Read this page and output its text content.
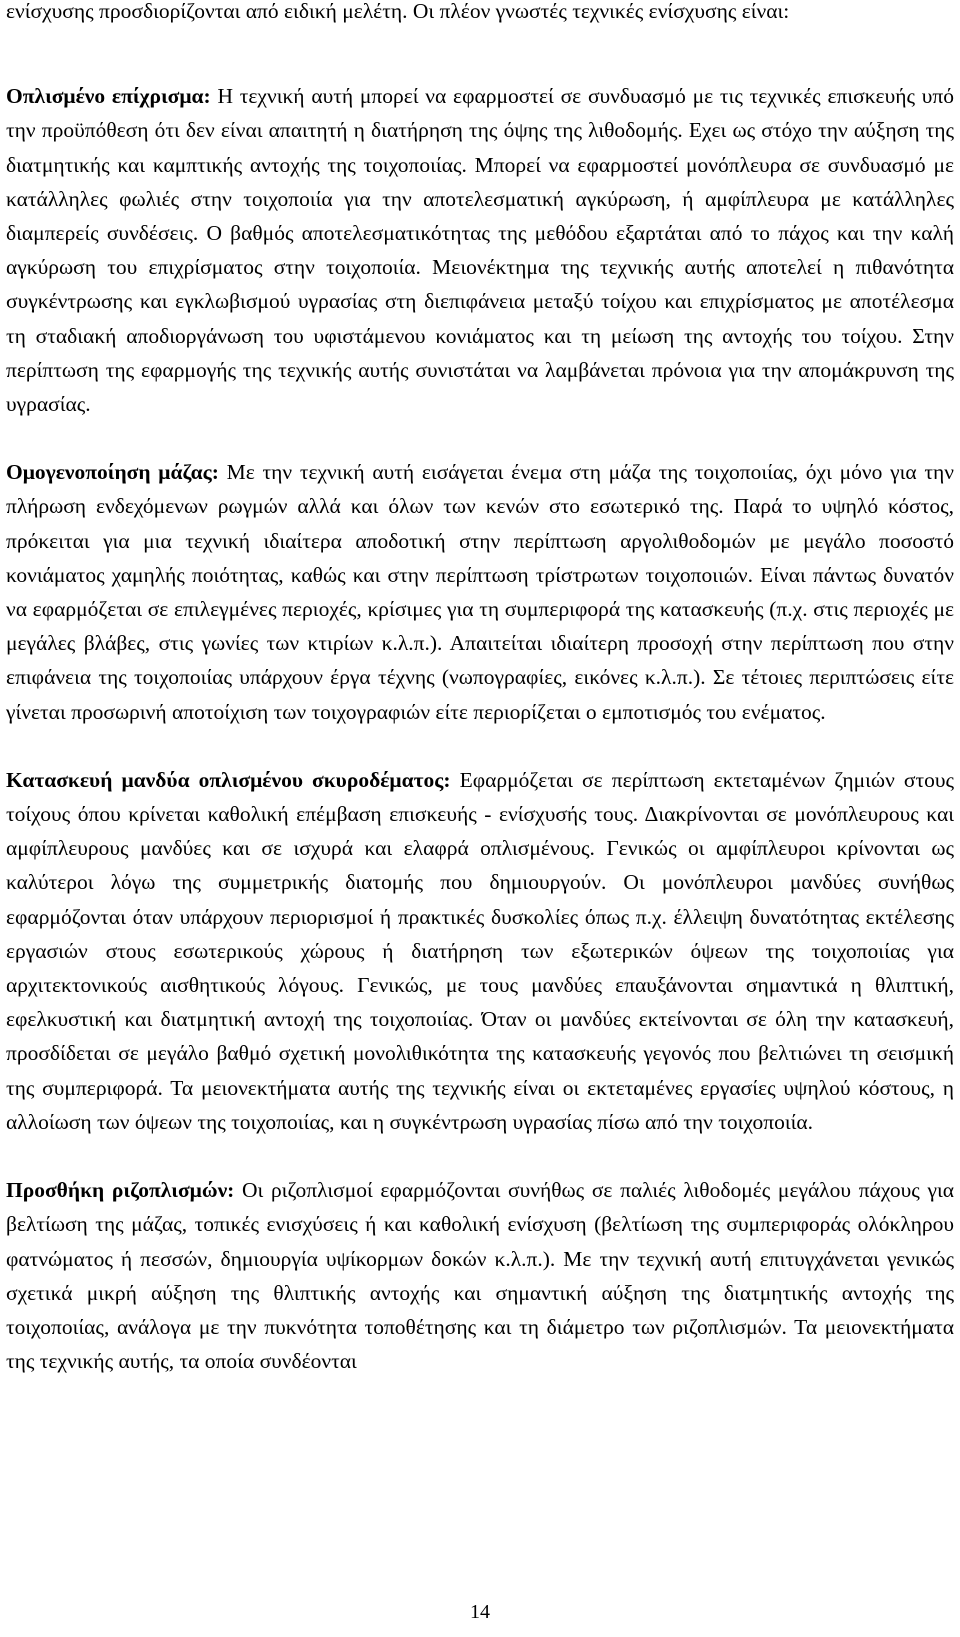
ενίσχυσης προσδιορίζονται από ειδική μελέτη. Οι πλέον γνωστές τεχνικές ενίσχυσης είναι:

Οπλισμένο επίχρισμα: Η τεχνική αυτή μπορεί να εφαρμοστεί σε συνδυασμό με τις τεχνικές επισκευής υπό την προϋπόθεση ότι δεν είναι απαιτητή η διατήρηση της όψης της λιθοδομής. Εχει ως στόχο την αύξηση της διατμητικής και καμπτικής αντοχής της τοιχοποιίας. Μπορεί να εφαρμοστεί μονόπλευρα σε συνδυασμό με κατάλληλες φωλιές στην τοιχοποιία για την αποτελεσματική αγκύρωση, ή αμφίπλευρα με κατάλληλες διαμπερείς συνδέσεις. Ο βαθμός αποτελεσματικότητας της μεθόδου εξαρτάται από το πάχος και την καλή αγκύρωση του επιχρίσματος στην τοιχοποιία. Μειονέκτημα της τεχνικής αυτής αποτελεί η πιθανότητα συγκέντρωσης και εγκλωβισμού υγρασίας στη διεπιφάνεια μεταξύ τοίχου και επιχρίσματος με αποτέλεσμα τη σταδιακή αποδιοργάνωση του υφιστάμενου κονιάματος και τη μείωση της αντοχής του τοίχου. Στην περίπτωση της εφαρμογής της τεχνικής αυτής συνιστάται να λαμβάνεται πρόνοια για την απομάκρυνση της υγρασίας.

Ομογενοποίηση μάζας: Με την τεχνική αυτή εισάγεται ένεμα στη μάζα της τοιχοποιίας, όχι μόνο για την πλήρωση ενδεχόμενων ρωγμών αλλά και όλων των κενών στο εσωτερικό της. Παρά το υψηλό κόστος, πρόκειται για μια τεχνική ιδιαίτερα αποδοτική στην περίπτωση αργολιθοδομών με μεγάλο ποσοστό κονιάματος χαμηλής ποιότητας, καθώς και στην περίπτωση τρίστρωτων τοιχοποιιών. Είναι πάντως δυνατόν να εφαρμόζεται σε επιλεγμένες περιοχές, κρίσιμες για τη συμπεριφορά της κατασκευής (π.χ. στις περιοχές με μεγάλες βλάβες, στις γωνίες των κτιρίων κ.λ.π.). Απαιτείται ιδιαίτερη προσοχή στην περίπτωση που στην επιφάνεια της τοιχοποιίας υπάρχουν έργα τέχνης (νωπογραφίες, εικόνες κ.λ.π.). Σε τέτοιες περιπτώσεις είτε γίνεται προσωρινή αποτοίχιση των τοιχογραφιών είτε περιορίζεται ο εμποτισμός του ενέματος.

Κατασκευή μανδύα οπλισμένου σκυροδέματος: Εφαρμόζεται σε περίπτωση εκτεταμένων ζημιών στους τοίχους όπου κρίνεται καθολική επέμβαση επισκευής - ενίσχυσής τους. Διακρίνονται σε μονόπλευρους και αμφίπλευρους μανδύες και σε ισχυρά και ελαφρά οπλισμένους. Γενικώς οι αμφίπλευροι κρίνονται ως καλύτεροι λόγω της συμμετρικής διατομής που δημιουργούν. Οι μονόπλευροι μανδύες συνήθως εφαρμόζονται όταν υπάρχουν περιορισμοί ή πρακτικές δυσκολίες όπως π.χ. έλλειψη δυνατότητας εκτέλεσης εργασιών στους εσωτερικούς χώρους ή διατήρηση των εξωτερικών όψεων της τοιχοποιίας για αρχιτεκτονικούς αισθητικούς λόγους. Γενικώς, με τους μανδύες επαυξάνονται σημαντικά η θλιπτική, εφελκυστική και διατμητική αντοχή της τοιχοποιίας. Όταν οι μανδύες εκτείνονται σε όλη την κατασκευή, προσδίδεται σε μεγάλο βαθμό σχετική μονολιθικότητα της κατασκευής γεγονός που βελτιώνει τη σεισμική της συμπεριφορά. Τα μειονεκτήματα αυτής της τεχνικής είναι οι εκτεταμένες εργασίες υψηλού κόστους, η αλλοίωση των όψεων της τοιχοποιίας, και η συγκέντρωση υγρασίας πίσω από την τοιχοποιία.

Προσθήκη ριζοπλισμών: Οι ριζοπλισμοί εφαρμόζονται συνήθως σε παλιές λιθοδομές μεγάλου πάχους για βελτίωση της μάζας, τοπικές ενισχύσεις ή και καθολική ενίσχυση (βελτίωση της συμπεριφοράς ολόκληρου φατνώματος ή πεσσών, δημιουργία υψίκορμων δοκών κ.λ.π.). Με την τεχνική αυτή επιτυγχάνεται γενικώς σχετικά μικρή αύξηση της θλιπτικής αντοχής και σημαντική αύξηση της διατμητικής αντοχής της τοιχοποιίας, ανάλογα με την πυκνότητα τοποθέτησης και τη διάμετρο των ριζοπλισμών. Τα μειονεκτήματα της τεχνικής αυτής, τα οποία συνδέονται

14
